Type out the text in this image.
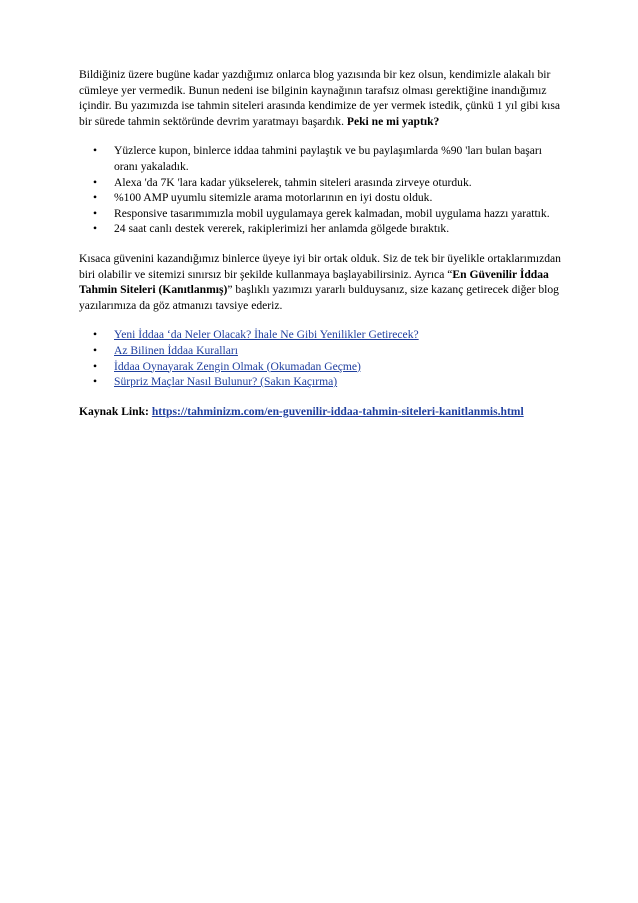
Bildiğiniz üzere bugüne kadar yazdığımız onlarca blog yazısında bir kez olsun, kendimizle alakalı bir cümleye yer vermedik. Bunun nedeni ise bilginin kaynağının tarafsız olması gerektiğine inandığımız içindir. Bu yazımızda ise tahmin siteleri arasında kendimize de yer vermek istedik, çünkü 1 yıl gibi kısa bir sürede tahmin sektöründe devrim yaratmayı başardık. Peki ne mi yaptık?

• Yüzlerce kupon, binlerce iddaa tahmini paylaştık ve bu paylaşımlarda %90 'ları bulan başarı oranı yakaladık.
• Alexa 'da 7K 'lara kadar yükselerek, tahmin siteleri arasında zirveye oturduk.
• %100 AMP uyumlu sitemizle arama motorlarının en iyi dostu olduk.
• Responsive tasarımımızla mobil uygulamaya gerek kalmadan, mobil uygulama hazzı yarattık.
• 24 saat canlı destek vererek, rakiplerimizi her anlamda gölgede bıraktık.

Kısaca güvenini kazandığımız binlerce üyeye iyi bir ortak olduk. Siz de tek bir üyelikle ortaklarımızdan biri olabilir ve sitemizi sınırsız bir şekilde kullanmaya başlayabilirsiniz. Ayrıca “En Güvenilir İddaa Tahmin Siteleri (Kanıtlanmış)” başlıklı yazımızı yararlı bulduysanız, size kazanç getirecek diğer blog yazılarımıza da göz atmanızı tavsiye ederiz.

• Yeni İddaa ‘da Neler Olacak? İhale Ne Gibi Yenilikler Getirecek?
• Az Bilinen İddaa Kuralları
• İddaa Oynayarak Zengin Olmak (Okumadan Geçme)
• Sürpriz Maçlar Nasıl Bulunur? (Sakın Kaçırma)

Kaynak Link: https://tahminizm.com/en-guvenilir-iddaa-tahmin-siteleri-kanitlanmis.html
